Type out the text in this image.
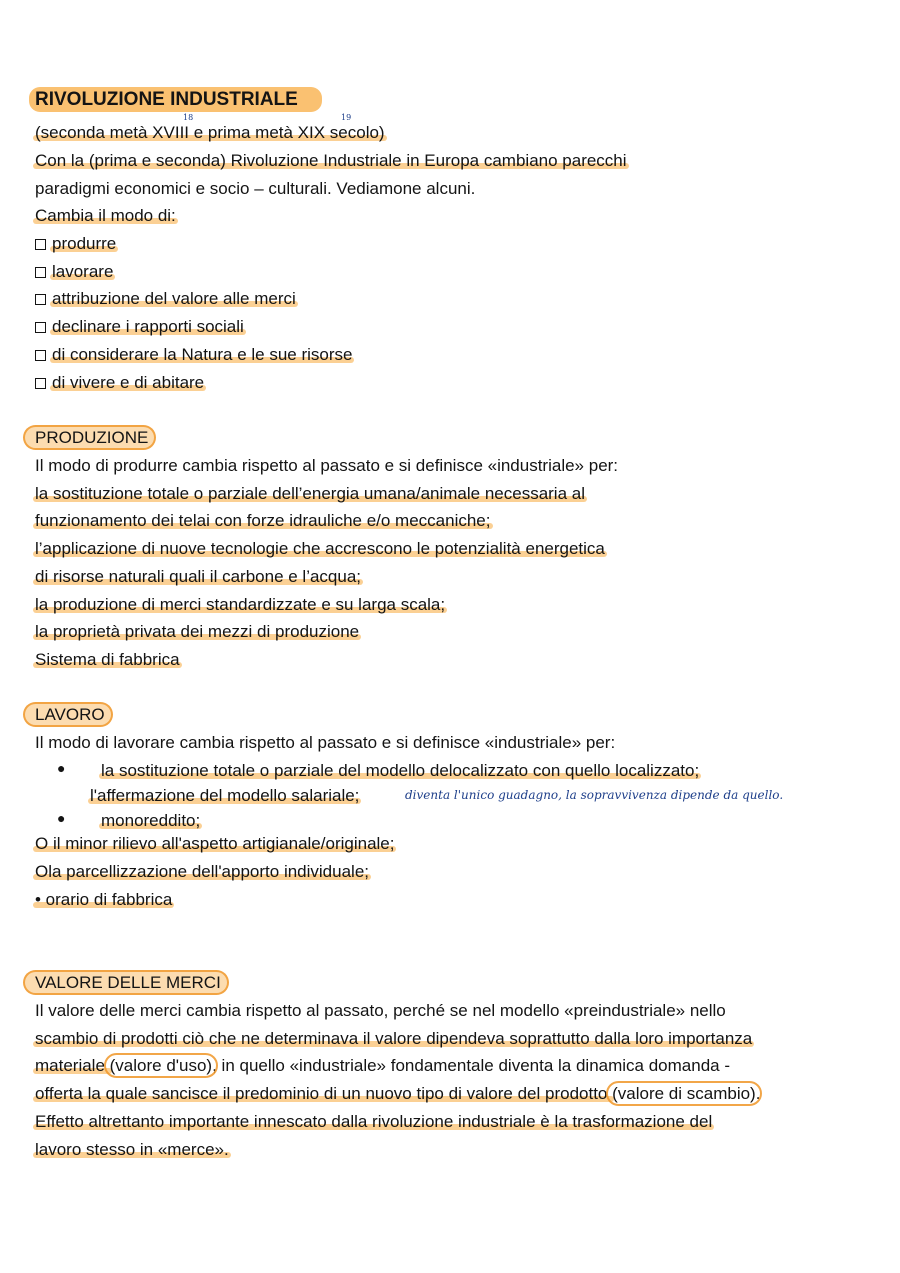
RIVOLUZIONE INDUSTRIALE
18	19
(seconda metà XVIII e prima metà XIX secolo)
Con la (prima e seconda) Rivoluzione Industriale in Europa cambiano parecchi
paradigmi economici e socio – culturali. Vediamone alcuni.
Cambia il modo di:
produrre
lavorare
attribuzione del valore alle merci
declinare i rapporti sociali
di considerare la Natura e le sue risorse
di vivere e di abitare
PRODUZIONE
Il modo di produrre cambia rispetto al passato e si definisce «industriale» per:
la sostituzione totale o parziale dell’energia umana/animale necessaria al
funzionamento dei telai con forze idrauliche e/o meccaniche;
l’applicazione di nuove tecnologie che accrescono le potenzialità energetica
di risorse naturali quali il carbone e l’acqua;
la produzione di merci standardizzate e su larga scala;
la proprietà privata dei mezzi di produzione
Sistema di fabbrica
LAVORO
Il modo di lavorare cambia rispetto al passato e si definisce «industriale» per:
● la sostituzione totale o parziale del modello delocalizzato con quello localizzato;
l'affermazione del modello salariale;	diventa l'unico guadagno, la sopravvivenza dipende da quello.
● monoreddito;
O il minor rilievo all'aspetto artigianale/originale;
Ola parcellizzazione dell'apporto individuale;
• orario di fabbrica
VALORE DELLE MERCI
Il valore delle merci cambia rispetto al passato, perché se nel modello «preindustriale» nello
scambio di prodotti ciò che ne determinava il valore dipendeva soprattutto dalla loro importanza
materiale (valore d'uso), in quello «industriale» fondamentale diventa la dinamica domanda -
offerta la quale sancisce il predominio di un nuovo tipo di valore del prodotto (valore di scambio).
Effetto altrettanto importante innescato dalla rivoluzione industriale è la trasformazione del
lavoro stesso in «merce».
